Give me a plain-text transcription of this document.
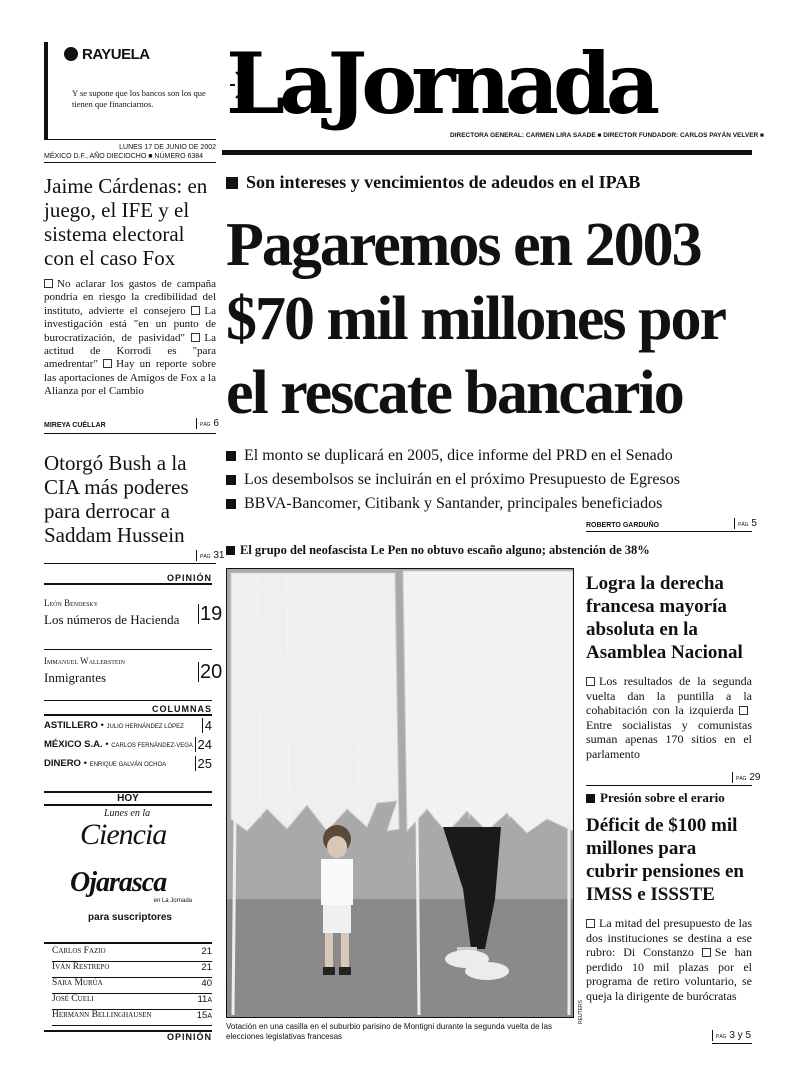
RAYUELA
Y se supone que los bancos son los que tienen que financiarnos. LaJornada
DIRECTORA GENERAL: CARMEN LIRA SAADE ■ DIRECTOR FUNDADOR: CARLOS PAYÁN VELVER ■
LUNES 17 DE JUNIO DE 2002
MÉXICO D.F., AÑO DIECIOCHO ■ NÚMERO 6384
Jaime Cárdenas: en juego, el IFE y el sistema electoral con el caso Fox
No aclarar los gastos de campaña pondría en riesgo la credibilidad del instituto, advierte el consejero La investigación está "en un punto de burocratización, de pasividad" La actitud de Korrodi es "para amedrentar" Hay un reporte sobre las aportaciones de Amigos de Fox a la Alianza por el Cambio
MIREYA CUÉLLAR	PÁG 6
Otorgó Bush a la CIA más poderes para derrocar a Saddam Hussein
PÁG 31
OPINIÓN
León Bendesky
Los números de Hacienda	19
Immanuel Wallerstein
Inmigrantes	20
COLUMNAS
ASTILLERO • JULIO HERNÁNDEZ LÓPEZ 4
MÉXICO S.A. • CARLOS FERNÁNDEZ-VEGA 24
DINERO • ENRIQUE GALVÁN OCHOA 25
HOY
Lunes en la
Ciencia
Ojarasca
en La Jornada
para suscriptores
Carlos Fazio	21
Iván Restrepo	21
Sara Murúa	40
José Cueli	11a
Hermann Bellinghausen	15a
OPINIÓN
Son intereses y vencimientos de adeudos en el IPAB
Pagaremos en 2003
$70 mil millones por
el rescate bancario
El monto se duplicará en 2005, dice informe del PRD en el Senado
Los desembolsos se incluirán en el próximo Presupuesto de Egresos
BBVA-Bancomer, Citibank y Santander, principales beneficiados
ROBERTO GARDUÑO	PÁG 5
El grupo del neofascista Le Pen no obtuvo escaño alguno; abstención de 38%
REUTERS
Votación en una casilla en el suburbio parisino de Montigni durante la segunda vuelta de las elecciones legislativas francesas
Logra la derecha francesa mayoría absoluta en la Asamblea Nacional
Los resultados de la segunda vuelta dan la puntilla a la cohabitación con la izquierda Entre socialistas y comunistas suman apenas 170 sitios en el parlamento
PÁG 29
Presión sobre el erario
Déficit de $100 mil millones para cubrir pensiones en IMSS e ISSSTE
La mitad del presupuesto de las dos instituciones se destina a ese rubro: Di Constanzo Se han perdido 10 mil plazas por el programa de retiro voluntario, se queja la dirigente de burócratas
PÁG 3 y 5
